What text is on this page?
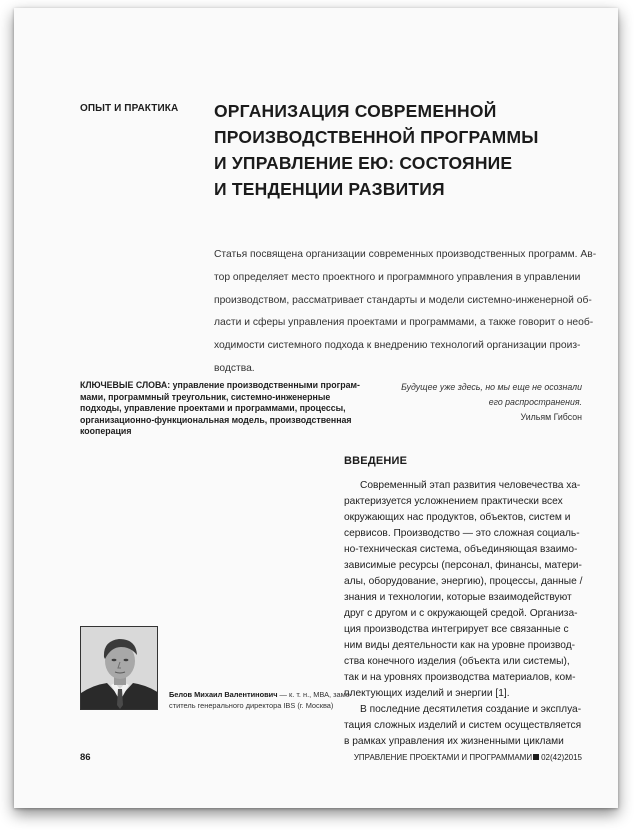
ОПЫТ И ПРАКТИКА ОРГАНИЗАЦИЯ СОВРЕМЕННОЙ
ПРОИЗВОДСТВЕННОЙ ПРОГРАММЫ
И УПРАВЛЕНИЕ ЕЮ: СОСТОЯНИЕ
И ТЕНДЕНЦИИ РАЗВИТИЯ
Статья посвящена организации современных производственных программ. Ав-
тор определяет место проектного и программного управления в управлении
производством, рассматривает стандарты и модели системно-инженерной об-
ласти и сферы управления проектами и программами, а также говорит о необ-
ходимости системного подхода к внедрению технологий организации произ-
водства.
КЛЮЧЕВЫЕ СЛОВА: управление производственными програм-
мами, программный треугольник, системно-инженерные
подходы, управление проектами и программами, процессы,
организационно-функциональная модель, производственная
кооперация
Будущее уже здесь, но мы еще не осознали
его распространения.
Уильям Гибсон
ВВЕДЕНИЕ
Современный этап развития человечества ха-
рактеризуется усложнением практически всех
окружающих нас продуктов, объектов, систем и
сервисов. Производство — это сложная социаль-
но-техническая система, объединяющая взаимо-
зависимые ресурсы (персонал, финансы, матери-
алы, оборудование, энергию), процессы, данные /
знания и технологии, которые взаимодействуют
друг с другом и с окружающей средой. Организа-
ция производства интегрирует все связанные с
ним виды деятельности как на уровне производ-
ства конечного изделия (объекта или системы),
так и на уровнях производства материалов, ком-
плектующих изделий и энергии [1].
В последние десятилетия создание и эксплуа-
тация сложных изделий и систем осуществляется
в рамках управления их жизненными циклами
Белов Михаил Валентинович — к. т. н., МВА, заме-
ститель генерального директора IBS (г. Москва)
86	УПРАВЛЕНИЕ ПРОЕКТАМИ И ПРОГРАММАМИ 02(42)2015
